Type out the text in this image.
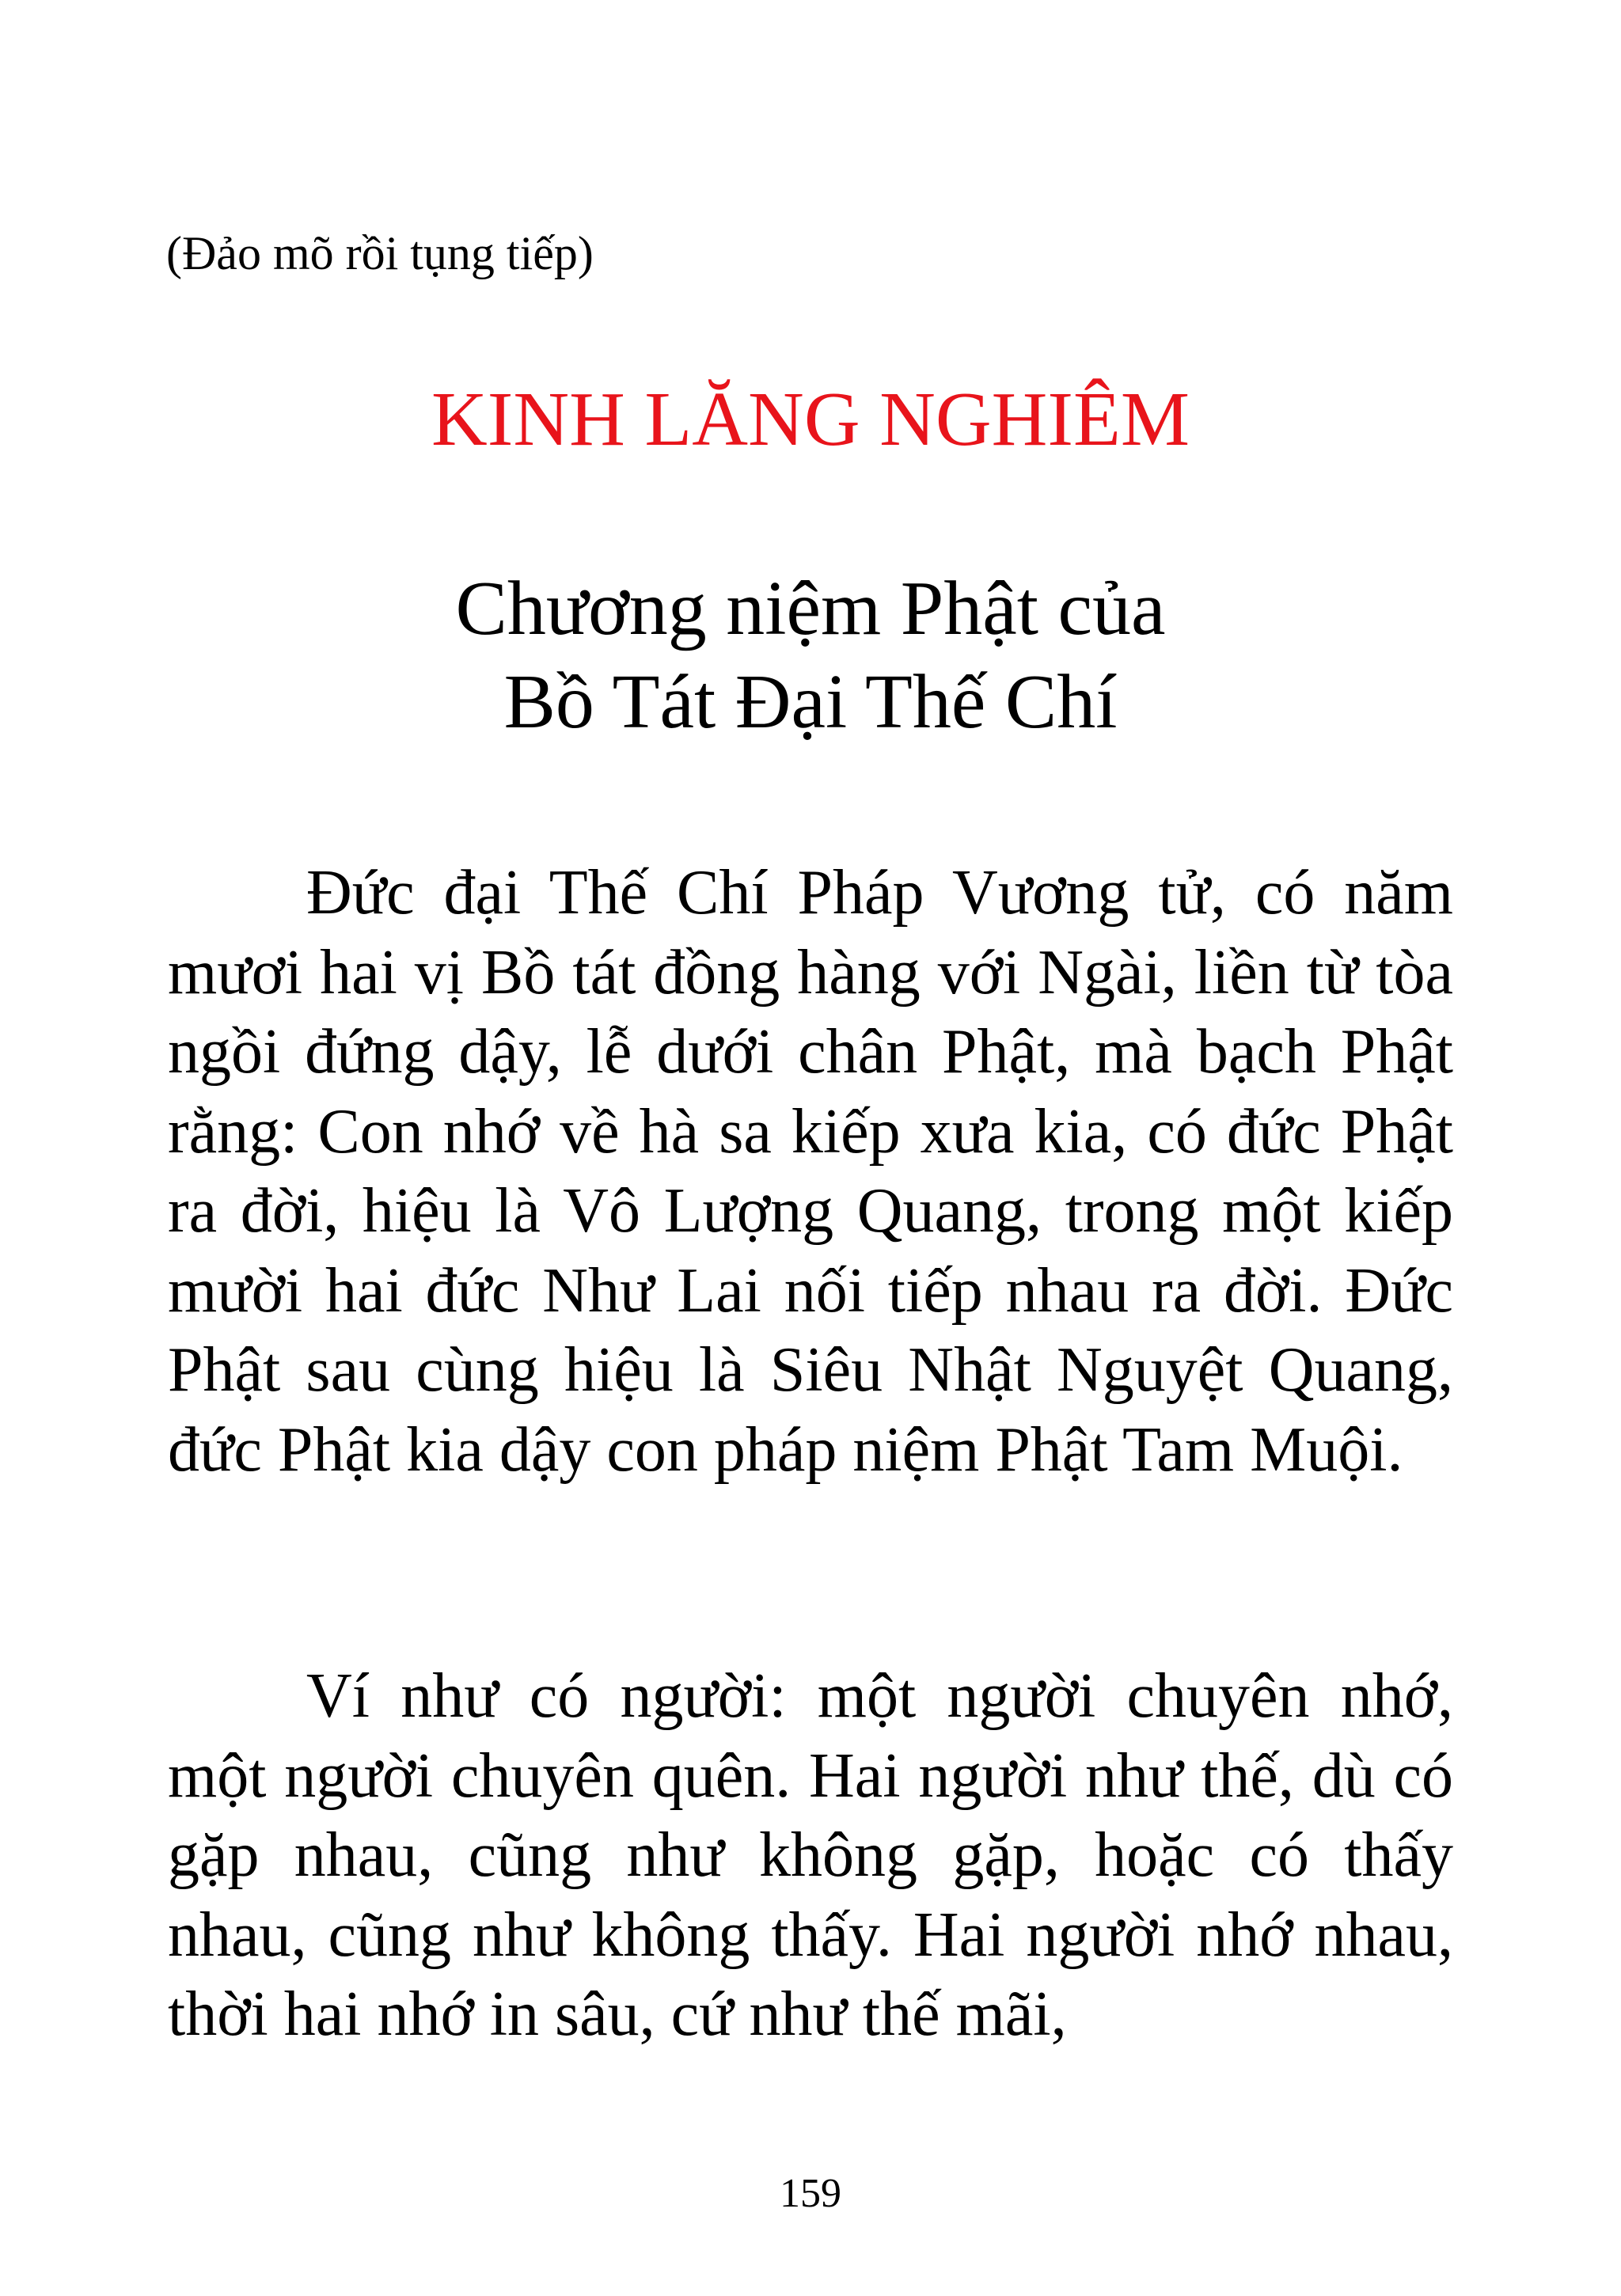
(Đảo mõ rồi tụng tiếp)
KINH LĂNG NGHIÊM
Chương niệm Phật của
Bồ Tát Đại Thế Chí

Đức đại Thế Chí Pháp Vương tử, có năm mươi hai vị Bồ tát đồng hàng với Ngài, liền từ tòa ngồi đứng dậy, lễ dưới chân Phật, mà bạch Phật rằng: Con nhớ về hà sa kiếp xưa kia, có đức Phật ra đời, hiệu là Vô Lượng Quang, trong một kiếp mười hai đức Như Lai nối tiếp nhau ra đời. Đức Phật sau cùng hiệu là Siêu Nhật Nguyệt Quang, đức Phật kia dậy con pháp niệm Phật Tam Muội.

Ví như có người: một người chuyên nhớ, một người chuyên quên. Hai người như thế, dù có gặp nhau, cũng như không gặp, hoặc có thấy nhau, cũng như không thấy. Hai người nhớ nhau, thời hai nhớ in sâu, cứ như thế mãi,

159
